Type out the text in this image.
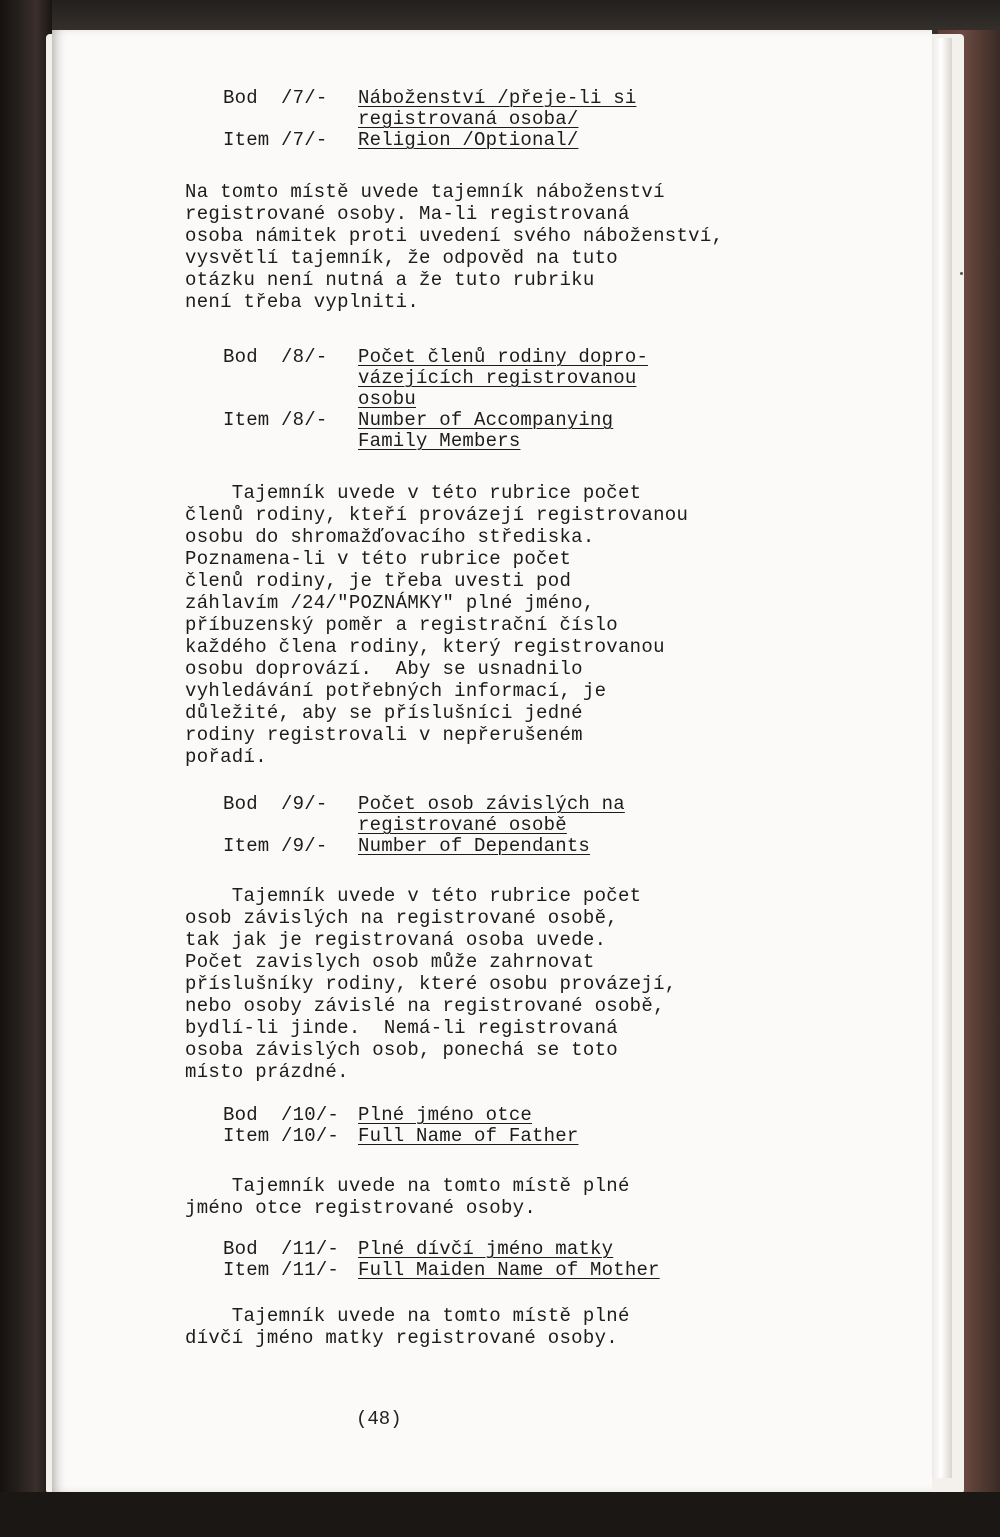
Bod  /7/-	Náboženství /přeje-li si
registrovaná osoba/
Item /7/-	Religion /Optional/
Na tomto místě uvede tajemník náboženství
registrované osoby. Ma-li registrovaná
osoba námitek proti uvedení svého náboženství,
vysvětlí tajemník, že odpověd na tuto
otázku není nutná a že tuto rubriku
není třeba vyplniti.
Bod  /8/-	Počet členů rodiny dopro-
vázejících registrovanou
osobu
Item /8/-	Number of Accompanying
Family Members
Tajemník uvede v této rubrice počet
členů rodiny, kteří provázejí registrovanou
osobu do shromažďovacího střediska.
Poznamena-li v této rubrice počet
členů rodiny, je třeba uvesti pod
záhlavím /24/"POZNÁMKY" plné jméno,
příbuzenský poměr a registrační číslo
každého člena rodiny, který registrovanou
osobu doprovází.  Aby se usnadnilo
vyhledávání potřebných informací, je
důležité, aby se příslušníci jedné
rodiny registrovali v nepřerušeném
pořadí.
Bod  /9/-	Počet osob závislých na
registrované osobě
Item /9/-	Number of Dependants
Tajemník uvede v této rubrice počet
osob závislých na registrované osobě,
tak jak je registrovaná osoba uvede.
Počet zavislych osob může zahrnovat
příslušníky rodiny, které osobu provázejí,
nebo osoby závislé na registrované osobě,
bydlí-li jinde.  Nemá-li registrovaná
osoba závislých osob, ponechá se toto
místo prázdné.
Bod  /10/- Plné jméno otce
Item /10/- Full Name of Father
Tajemník uvede na tomto místě plné
jméno otce registrované osoby.
Bod  /11/- Plné dívčí jméno matky
Item /11/- Full Maiden Name of Mother
Tajemník uvede na tomto místě plné
dívčí jméno matky registrované osoby.
(48)
